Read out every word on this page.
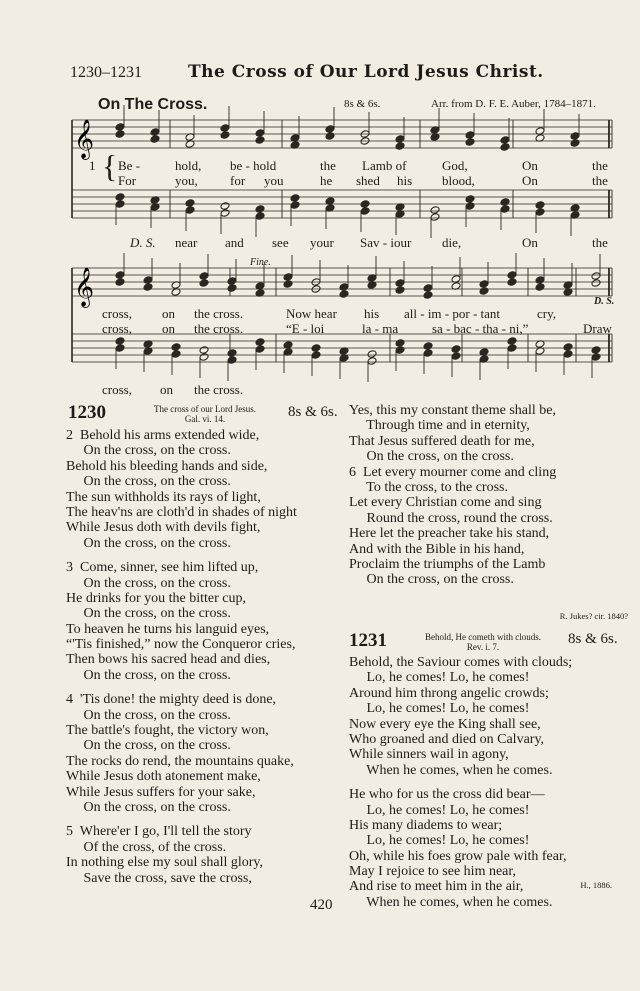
1230–1231	The Cross of Our Lord Jesus Christ.
On The Cross.	8s & 6s.	Arr. from D. F. E. Auber, 1784–1871.
𝄞
𝄞
Fine.
D. S.
1 { Be -	hold, be - hold	the Lamb of	God,	On	the
For	you, for you	he shed his blood,	On	the
D. S. near and see your Sav - iour die,	On	the
cross, on the cross.
cross, on the cross.
cross, on the cross.
Now hear his all - im - por - tant	cry,
“E - loi	la - ma	sa - bac - tha - ni,”	Draw
1230	The cross of our Lord Jesus.
Gal. vi. 14.	8s & 6s.
2  Behold his arms extended wide,
On the cross, on the cross.
Behold his bleeding hands and side,
On the cross, on the cross.
The sun withholds its rays of light,
The heav'ns are cloth'd in shades of night
While Jesus doth with devils fight,
On the cross, on the cross.
3  Come, sinner, see him lifted up,
On the cross, on the cross.
He drinks for you the bitter cup,
On the cross, on the cross.
To heaven he turns his languid eyes,
“'Tis finished,” now the Conqueror cries,
Then bows his sacred head and dies,
On the cross, on the cross.
4  'Tis done! the mighty deed is done,
On the cross, on the cross.
The battle's fought, the victory won,
On the cross, on the cross.
The rocks do rend, the mountains quake,
While Jesus doth atonement make,
While Jesus suffers for your sake,
On the cross, on the cross.
5  Where'er I go, I'll tell the story
Of the cross, of the cross.
In nothing else my soul shall glory,
Save the cross, save the cross,
Yes, this my constant theme shall be,
Through time and in eternity,
That Jesus suffered death for me,
On the cross, on the cross.
6  Let every mourner come and cling
To the cross, to the cross.
Let every Christian come and sing
Round the cross, round the cross.
Here let the preacher take his stand,
And with the Bible in his hand,
Proclaim the triumphs of the Lamb
On the cross, on the cross.
R. Jukes? cir. 1840?
1231	Behold, He cometh with clouds.
Rev. i. 7.	8s & 6s.
Behold, the Saviour comes with clouds;
Lo, he comes! Lo, he comes!
Around him throng angelic crowds;
Lo, he comes! Lo, he comes!
Now every eye the King shall see,
Who groaned and died on Calvary,
While sinners wail in agony,
When he comes, when he comes.
He who for us the cross did bear—
Lo, he comes! Lo, he comes!
His many diadems to wear;
Lo, he comes! Lo, he comes!
Oh, while his foes grow pale with fear,
May I rejoice to see him near,
And rise to meet him in the air,
When he comes, when he comes.
H., 1886.
420
